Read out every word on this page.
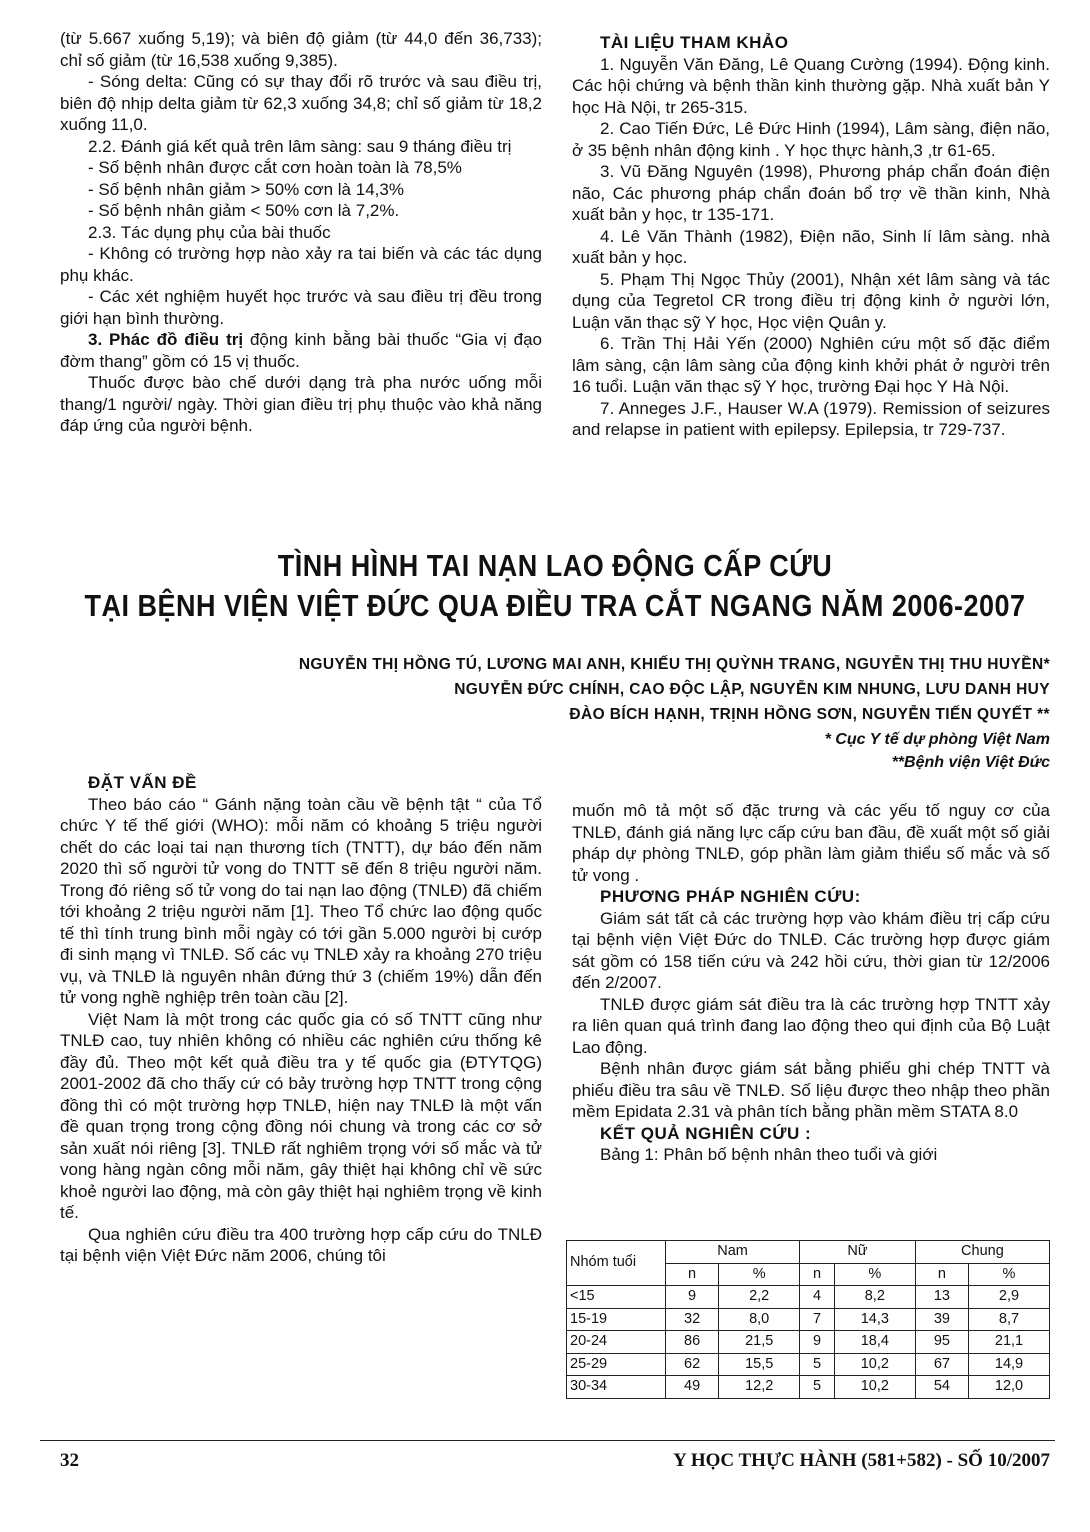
(từ 5.667 xuống 5,19); và biên độ giảm (từ 44,0 đến 36,733); chỉ số giảm (từ 16,538 xuống 9,385).

- Sóng delta: Cũng có sự thay đổi rõ trước và sau điều trị, biên độ nhịp delta giảm từ 62,3 xuống 34,8; chỉ số giảm từ 18,2 xuống 11,0.

2.2. Đánh giá kết quả trên lâm sàng: sau 9 tháng điều trị

- Số bệnh nhân được cắt cơn hoàn toàn là 78,5%

- Số bệnh nhân giảm > 50% cơn là 14,3%

- Số bệnh nhân giảm < 50% cơn là 7,2%.

2.3. Tác dụng phụ của bài thuốc

- Không có trường hợp nào xảy ra tai biến và các tác dụng phụ khác.

- Các xét nghiệm huyết học trước và sau điều trị đều trong giới hạn bình thường.

3. Phác đồ điều trị động kinh bằng bài thuốc “Gia vị đạo đờm thang” gồm có 15 vị thuốc.

Thuốc được bào chế dưới dạng trà pha nước uống mỗi thang/1 người/ ngày. Thời gian điều trị phụ thuộc vào khả năng đáp ứng của người bệnh.

TÀI LIỆU THAM KHẢO

1. Nguyễn Văn Đăng, Lê Quang Cường (1994). Động kinh. Các hội chứng và bệnh thần kinh thường gặp. Nhà xuất bản Y học Hà Nội, tr 265-315.

2. Cao Tiến Đức, Lê Đức Hinh (1994), Lâm sàng, điện não, ở 35 bệnh nhân động kinh . Y học thực hành,3 ,tr 61-65.

3. Vũ Đăng Nguyên (1998), Phương pháp chẩn đoán điện não, Các phương pháp chẩn đoán bổ trợ về thần kinh, Nhà xuất bản y học, tr 135-171.

4. Lê Văn Thành (1982), Điện não, Sinh lí lâm sàng. nhà xuất bản y học.

5. Phạm Thị Ngọc Thủy (2001), Nhận xét lâm sàng và tác dụng của Tegretol CR trong điều trị động kinh ở người lớn, Luận văn thạc sỹ Y học, Học viện Quân y.

6. Trần Thị Hải Yến (2000) Nghiên cứu một số đặc điểm lâm sàng, cận lâm sàng của động kinh khởi phát ở người trên 16 tuổi. Luận văn thạc sỹ Y học, trường Đại học Y Hà Nội.

7. Anneges J.F., Hauser W.A (1979). Remission of seizures and relapse in patient with epilepsy. Epilepsia, tr 729-737.

TÌNH HÌNH TAI NẠN LAO ĐỘNG CẤP CỨU
TẠI BỆNH VIỆN VIỆT ĐỨC QUA ĐIỀU TRA CẮT NGANG NĂM 2006-2007
NGUYỄN THỊ HỒNG TÚ, LƯƠNG MAI ANH, KHIẾU THỊ QUỲNH TRANG, NGUYỄN THỊ THU HUYỀN*
NGUYỄN ĐỨC CHÍNH, CAO ĐỘC LẬP, NGUYỄN KIM NHUNG, LƯU DANH HUY
ĐÀO BÍCH HẠNH, TRỊNH HỒNG SƠN, NGUYỄN TIẾN QUYẾT **
* Cục Y tế dự phòng Việt Nam
**Bệnh viện Việt Đức

ĐẶT VẤN ĐỀ

Theo báo cáo “ Gánh nặng toàn cầu về bệnh tật “ của Tổ chức Y tế thế giới (WHO): mỗi năm có khoảng 5 triệu người chết do các loại tai nạn thương tích (TNTT), dự báo đến năm 2020 thì số người tử vong do TNTT sẽ đến 8 triệu người năm. Trong đó riêng số tử vong do tai nạn lao động (TNLĐ) đã chiếm tới khoảng 2 triệu người năm [1]. Theo Tổ chức lao động quốc tế thì tính trung bình mỗi ngày có tới gần 5.000 người bị cướp đi sinh mạng vì TNLĐ. Số các vụ TNLĐ xảy ra khoảng 270 triệu vụ, và TNLĐ là nguyên nhân đứng thứ 3 (chiếm 19%) dẫn đến tử vong nghề nghiệp trên toàn cầu [2].

Việt Nam là một trong các quốc gia có số TNTT cũng như TNLĐ cao, tuy nhiên không có nhiều các nghiên cứu thống kê đầy đủ. Theo một kết quả điều tra y tế quốc gia (ĐTYTQG) 2001-2002 đã cho thấy cứ có bảy trường hợp TNTT trong cộng đồng thì có một trường hợp TNLĐ, hiện nay TNLĐ là một vấn đề quan trọng trong cộng đồng nói chung và trong các cơ sở sản xuất nói riêng [3]. TNLĐ rất nghiêm trọng với số mắc và tử vong hàng ngàn công mỗi năm, gây thiệt hại không chỉ về sức khoẻ người lao động, mà còn gây thiệt hại nghiêm trọng về kinh tế.

Qua nghiên cứu điều tra 400 trường hợp cấp cứu do TNLĐ tại bệnh viện Việt Đức năm 2006, chúng tôi

muốn mô tả một số đặc trưng và các yếu tố nguy cơ của TNLĐ, đánh giá năng lực cấp cứu ban đầu, đề xuất một số giải pháp dự phòng TNLĐ, góp phần làm giảm thiểu số mắc và số tử vong .

PHƯƠNG PHÁP NGHIÊN CỨU:

Giám sát tất cả các trường hợp vào khám điều trị cấp cứu tại bệnh viện Việt Đức do TNLĐ. Các trường hợp được giám sát gồm có 158 tiến cứu và 242 hồi cứu, thời gian từ 12/2006 đến 2/2007.

TNLĐ được giám sát điều tra là các trường hợp TNTT xảy ra liên quan quá trình đang lao động theo qui định của Bộ Luật Lao động.

Bệnh nhân được giám sát bằng phiếu ghi chép TNTT và phiếu điều tra sâu về TNLĐ. Số liệu được theo nhập theo phần mềm Epidata 2.31 và phân tích bằng phần mềm STATA 8.0

KẾT QUẢ NGHIÊN CỨU :

Bảng 1: Phân bố bệnh nhân theo tuổi và giới

Nhóm tuổi	Nam		Nữ		Chung	
	n	%	n	%	n	%
<15	9	2,2	4	8,2	13	2,9
15-19	32	8,0	7	14,3	39	8,7
20-24	86	21,5	9	18,4	95	21,1
25-29	62	15,5	5	10,2	67	14,9
30-34	49	12,2	5	10,2	54	12,0
32	Y HỌC THỰC HÀNH (581+582) - SỐ 10/2007
